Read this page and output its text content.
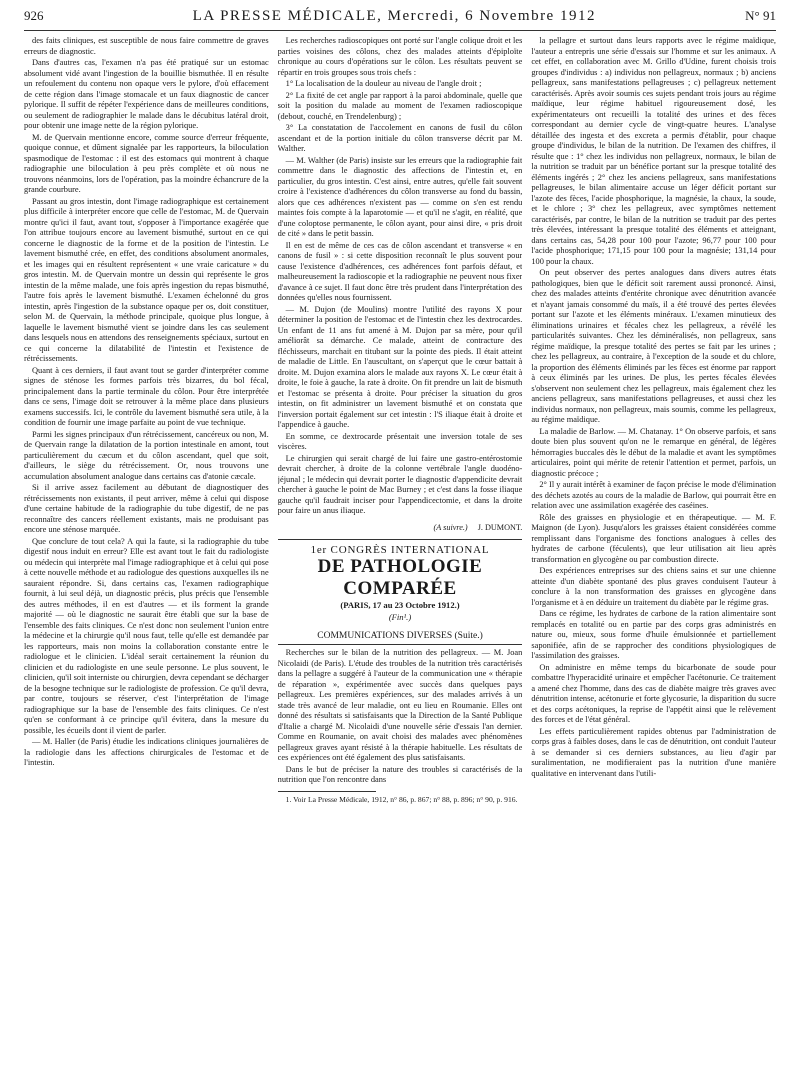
926	LA PRESSE MÉDICALE, Mercredi, 6 Novembre 1912	N° 91

des faits cliniques, est susceptible de nous faire commettre de graves erreurs de diagnostic.

Dans d'autres cas, l'examen n'a pas été pratiqué sur un estomac absolument vidé avant l'ingestion de la bouillie bismuthée. Il en résulte un refoulement du contenu non opaque vers le pylore, d'où effacement de cette région dans l'image stomacale et un faux diagnostic de cancer pylorique. Il suffit de répéter l'expérience dans de meilleures conditions, ou seulement de radiographier le malade dans le décubitus latéral droit, pour obtenir une image nette de la région pylorique.

M. de Quervain mentionne encore, comme source d'erreur fréquente, quoique connue, et dûment signalée par les rapporteurs, la biloculation spasmodique de l'estomac : il est des estomacs qui montrent à chaque radiographie une biloculation à peu près complète et où nous ne trouvons néanmoins, lors de l'opération, pas la moindre échancrure de la grande courbure.

Passant au gros intestin, dont l'image radiographique est certainement plus difficile à interpréter encore que celle de l'estomac, M. de Quervain montre qu'ici il faut, avant tout, s'opposer à l'importance exagérée que l'on attribue toujours encore au lavement bismuthé, surtout en ce qui concerne le diagnostic de la forme et de la position de l'intestin. Le lavement bismuthé crée, en effet, des conditions absolument anormales, et les images qui en résultent représentent « une vraie caricature » du gros intestin. M. de Quervain montre un dessin qui représente le gros intestin de la même malade, une fois après ingestion du repas bismuthé, l'autre fois après le lavement bismuthé. L'examen échelonné du gros intestin, après l'ingestion de la substance opaque per os, doit constituer, selon M. de Quervain, la méthode principale, quoique plus longue, à laquelle le lavement bismuthé vient se joindre dans les cas seulement dans lesquels nous en attendons des renseignements spéciaux, surtout en ce qui concerne la dilatabilité de l'intestin et l'existence de rétrécissements.

Quant à ces derniers, il faut avant tout se garder d'interpréter comme signes de sténose les formes parfois très bizarres, du bol fécal, principalement dans la partie terminale du côlon. Pour être interprétée dans ce sens, l'image doit se retrouver à la même place dans plusieurs examens successifs. Ici, le contrôle du lavement bismuthé sera utile, à la condition de fournir une image parfaite au point de vue technique.

Parmi les signes principaux d'un rétrécissement, cancéreux ou non, M. de Quervain range la dilatation de la portion intestinale en amont, tout particulièrement du cæcum et du côlon ascendant, quel que soit, d'ailleurs, le siège du rétrécissement. Or, nous trouvons une accumulation absolument analogue dans certains cas d'atonie cæcale.

Si il arrive assez facilement au débutant de diagnostiquer des rétrécissements non existants, il peut arriver, même à celui qui dispose d'une certaine habitude de la radiographie du tube digestif, de ne pas reconnaître des cancers réellement existants, mais ne produisant pas encore une sténose marquée.

Que conclure de tout cela? A qui la faute, si la radiographie du tube digestif nous induit en erreur? Elle est avant tout le fait du radiologiste ou médecin qui interprète mal l'image radiographique et à celui qui pose à cette nouvelle méthode et au radiologue des questions auxquelles ils ne sauraient répondre. Si, dans certains cas, l'examen radiographique fournit, à lui seul déjà, un diagnostic précis, plus précis que l'ensemble des autres méthodes, il en est d'autres — et ils forment la grande majorité — où le diagnostic ne saurait être établi que sur la base de l'ensemble des faits cliniques. Ce n'est donc non seulement l'union entre la médecine et la chirurgie qu'il nous faut, telle qu'elle est demandée par les rapporteurs, mais non moins la collaboration constante entre le radiologue et le clinicien. L'idéal serait certainement la réunion du clinicien et du radiologiste en une seule personne. Le plus souvent, le clinicien, qu'il soit interniste ou chirurgien, devra cependant se décharger de la besogne technique sur le radiologiste de profession. Ce qu'il devra, par contre, toujours se réserver, c'est l'interprétation de l'image radiographique sur la base de l'ensemble des faits cliniques. Ce n'est qu'en se conformant à ce principe qu'il évitera, dans la mesure du possible, les écueils dont il vient de parler.

— M. Haller (de Paris) étudie les indications cliniques journalières de la radiologie dans les affections chirurgicales de l'estomac et de l'intestin.

Les recherches radioscopiques ont porté sur l'angle colique droit et les parties voisines des côlons, chez des malades atteints d'épiploïte chronique au cours d'opérations sur le côlon. Les résultats peuvent se répartir en trois groupes sous trois chefs :

1° La localisation de la douleur au niveau de l'angle droit ;

2° La fixité de cet angle par rapport à la paroi abdominale, quelle que soit la position du malade au moment de l'examen radioscopique (debout, couché, en Trendelenburg) ;

3° La constatation de l'accolement en canons de fusil du côlon ascendant et de la portion initiale du côlon transverse décrit par M. Walther.

— M. Walther (de Paris) insiste sur les erreurs que la radiographie fait commettre dans le diagnostic des affections de l'intestin et, en particulier, du gros intestin. C'est ainsi, entre autres, qu'elle fait souvent croire à l'existence d'adhérences du côlon transverse au fond du bassin, alors que ces adhérences n'existent pas — comme on s'en est rendu maintes fois compte à la laparotomie — et qu'il ne s'agit, en réalité, que d'une coloptose permanente, le côlon ayant, pour ainsi dire, « pris droit de cité » dans le petit bassin.

Il en est de même de ces cas de côlon ascendant et transverse « en canons de fusil » : si cette disposition reconnaît le plus souvent pour cause l'existence d'adhérences, ces adhérences font parfois défaut, et malheureusement la radioscopie et la radiographie ne peuvent nous fixer d'avance à ce sujet. Il faut donc être très prudent dans l'interprétation des données qu'elles nous fournissent.

— M. Dujon (de Moulins) montre l'utilité des rayons X pour déterminer la position de l'estomac et de l'intestin chez les dextrocardes. Un enfant de 11 ans fut amené à M. Dujon par sa mère, pour qu'il améliorât sa démarche. Ce malade, atteint de contracture des fléchisseurs, marchait en titubant sur la pointe des pieds. Il était atteint de maladie de Little. En l'auscultant, on s'aperçut que le cœur battait à droite. M. Dujon examina alors le malade aux rayons X. Le cœur était à droite, le foie à gauche, la rate à droite. On fit prendre un lait de bismuth et l'estomac se présenta à droite. Pour préciser la situation du gros intestin, on fit administrer un lavement bismuthé et on constata que l'inversion portait également sur cet intestin : l'S iliaque était à droite et l'appendice à gauche.

En somme, ce dextrocarde présentait une inversion totale de ses viscères.

Le chirurgien qui serait chargé de lui faire une gastro-entérostomie devrait chercher, à droite de la colonne vertébrale l'angle duodéno-jéjunal ; le médecin qui devrait porter le diagnostic d'appendicite devrait chercher à gauche le point de Mac Burney ; et c'est dans la fosse iliaque gauche qu'il faudrait inciser pour l'appendicectomie, et dans la droite pour faire un anus iliaque.

(A suivre.) J. DUMONT.
1er CONGRÈS INTERNATIONAL
DE PATHOLOGIE COMPARÉE
(PARIS, 17 au 23 Octobre 1912.)
(Fin¹.)
COMMUNICATIONS DIVERSES (Suite.)

Recherches sur le bilan de la nutrition des pellagreux. — M. Joan Nicolaidi (de Paris). L'étude des troubles de la nutrition très caractérisés dans la pellagre a suggéré à l'auteur de la communication une « thérapie de réparation », expérimentée avec succès dans quelques pays pellagreux. Les premières expériences, sur des malades arrivés à un stade très avancé de leur maladie, ont eu lieu en Roumanie. Elles ont donné des résultats si satisfaisants que la Direction de la Santé Publique d'Italie a chargé M. Nicolaidi d'une nouvelle série d'essais l'an dernier. Comme en Roumanie, on avait choisi des malades avec phénomènes pellagreux graves ayant résisté à la thérapie habituelle. Les résultats de ces expériences ont été également des plus satisfaisants.

Dans le but de préciser la nature des troubles si caractérisés de la nutrition que l'on rencontre dans

1. Voir La Presse Médicale, 1912, n° 86, p. 867; n° 88, p. 896; n° 90, p. 916.

la pellagre et surtout dans leurs rapports avec le régime maïdique, l'auteur a entrepris une série d'essais sur l'homme et sur les animaux. A cet effet, en collaboration avec M. Grillo d'Udine, furent choisis trois groupes d'individus : a) individus non pellagreux, normaux ; b) anciens pellagreux, sans manifestations pellagreuses ; c) pellagreux nettement caractérisés. Après avoir soumis ces sujets pendant trois jours au régime maïdique, leur régime habituel rigoureusement dosé, les expérimentateurs ont recueilli la totalité des urines et des fèces correspondant au dernier cycle de vingt-quatre heures. L'analyse détaillée des ingesta et des excreta a permis d'établir, pour chaque groupe d'individus, le bilan de la nutrition. De l'examen des chiffres, il résulte que : 1° chez les individus non pellagreux, normaux, le bilan de la nutrition se traduit par un bénéfice portant sur la presque totalité des éléments ingérés ; 2° chez les anciens pellagreux, sans manifestations pellagreuses, le bilan alimentaire accuse un léger déficit portant sur l'azote des fèces, l'acide phosphorique, la magnésie, la chaux, la soude, et le chlore ; 3° chez les pellagreux, avec symptômes nettement caractérisés, par contre, le bilan de la nutrition se traduit par des pertes très élevées, intéressant la presque totalité des éléments et atteignant, dans certains cas, 54,28 pour 100 pour l'azote; 96,77 pour 100 pour l'acide phosphorique; 171,15 pour 100 pour la magnésie; 131,14 pour 100 pour la chaux.

On peut observer des pertes analogues dans divers autres états pathologiques, bien que le déficit soit rarement aussi prononcé. Ainsi, chez des malades atteints d'entérite chronique avec dénutrition avancée et n'ayant jamais consommé du maïs, il a été trouvé des pertes élevées portant sur l'azote et les éléments minéraux. L'examen minutieux des éliminations urinaires et fécales chez les pellagreux, a révélé les particularités suivantes. Chez les déminéralisés, non pellagreux, sans régime maïdique, la presque totalité des pertes se fait par les urines ; chez les pellagreux, au contraire, à l'exception de la soude et du chlore, la proportion des éléments éliminés par les fèces est énorme par rapport à ceux éliminés par les urines. De plus, les pertes fécales élevées s'observent non seulement chez les pellagreux, mais également chez les anciens pellagreux, sans manifestations pellagreuses, et aussi chez les individus normaux, non pellagreux, mais soumis, comme les pellagreux, au régime maïdique.

La maladie de Barlow. — M. Chatanay. 1° On observe parfois, et sans doute bien plus souvent qu'on ne le remarque en général, de légères hémorragies buccales dès le début de la maladie et avant les symptômes articulaires, point qui mérite de retenir l'attention et permet, parfois, un diagnostic précoce ;

2° Il y aurait intérêt à examiner de façon précise le mode d'élimination des déchets azotés au cours de la maladie de Barlow, qui pourrait être en relation avec une assimilation exagérée des caséines.

Rôle des graisses en physiologie et en thérapeutique. — M. F. Maignon (de Lyon). Jusqu'alors les graisses étaient considérées comme remplissant dans l'organisme des fonctions analogues à celles des hydrates de carbone (féculents), que leur utilisation ait lieu après transformation en glycogène ou par combustion directe.

Des expériences entreprises sur des chiens sains et sur une chienne atteinte d'un diabète spontané des plus graves conduisent l'auteur à conclure à la non transformation des graisses en glycogène dans l'organisme et à en déduire un traitement du diabète par le régime gras.

Dans ce régime, les hydrates de carbone de la ration alimentaire sont remplacés en totalité ou en partie par des corps gras administrés en nature ou, mieux, sous forme d'huile émulsionnée et partiellement saponifiée, afin de se rapprocher des conditions physiologiques de l'assimilation des graisses.

On administre en même temps du bicarbonate de soude pour combattre l'hyperacidité urinaire et empêcher l'acétonurie. Ce traitement a amené chez l'homme, dans des cas de diabète maigre très graves avec dénutrition intense, acétonurie et forte glycosurie, la disparition du sucre et des corps acétoniques, la reprise de l'appétit ainsi que le relèvement des forces et de l'état général.

Les effets particulièrement rapides obtenus par l'administration de corps gras à faibles doses, dans le cas de dénutrition, ont conduit l'auteur à se demander si ces derniers substances, au lieu d'agir par suralimentation, ne modifieraient pas la nutrition d'une manière qualitative en intervenant dans l'utili-
